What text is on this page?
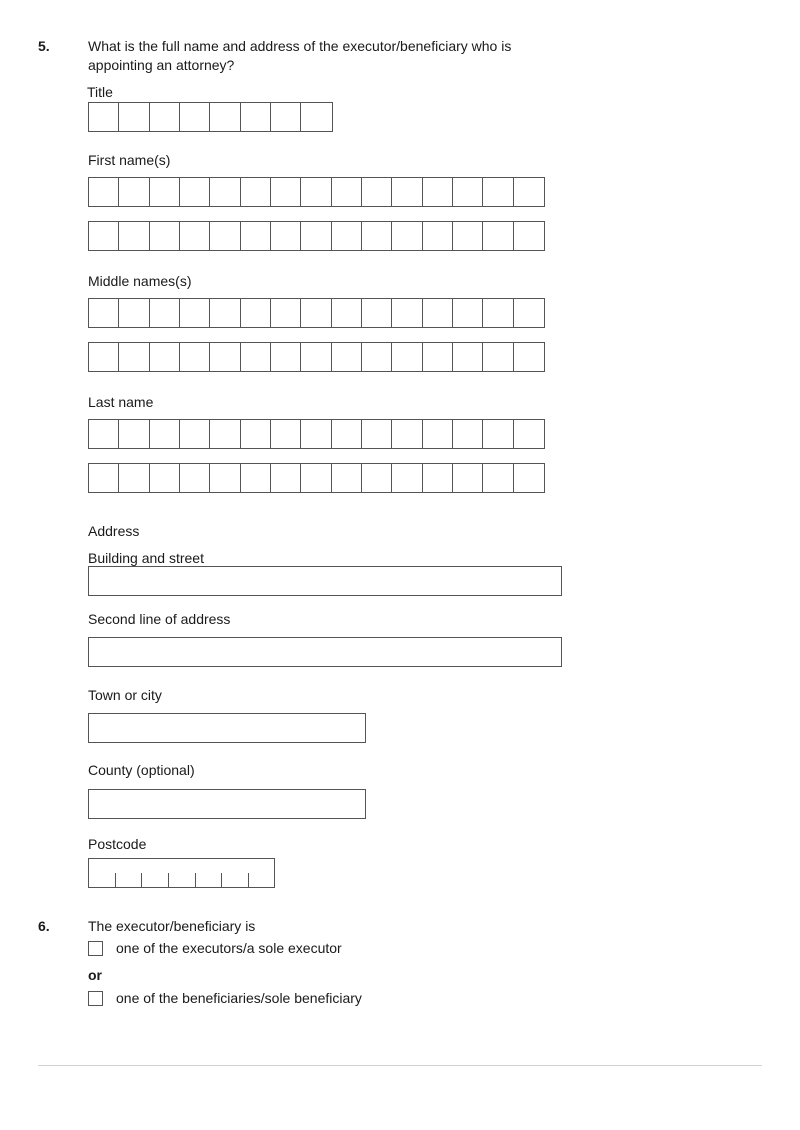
5.	What is the full name and address of the executor/beneficiary who is
appointing an attorney?
Title
First name(s)
Middle names(s)
Last name
Address
Building and street
Second line of address
Town or city
County (optional)
Postcode
6.	The executor/beneficiary is
one of the executors/a sole executor
or
one of the beneficiaries/sole beneficiary
